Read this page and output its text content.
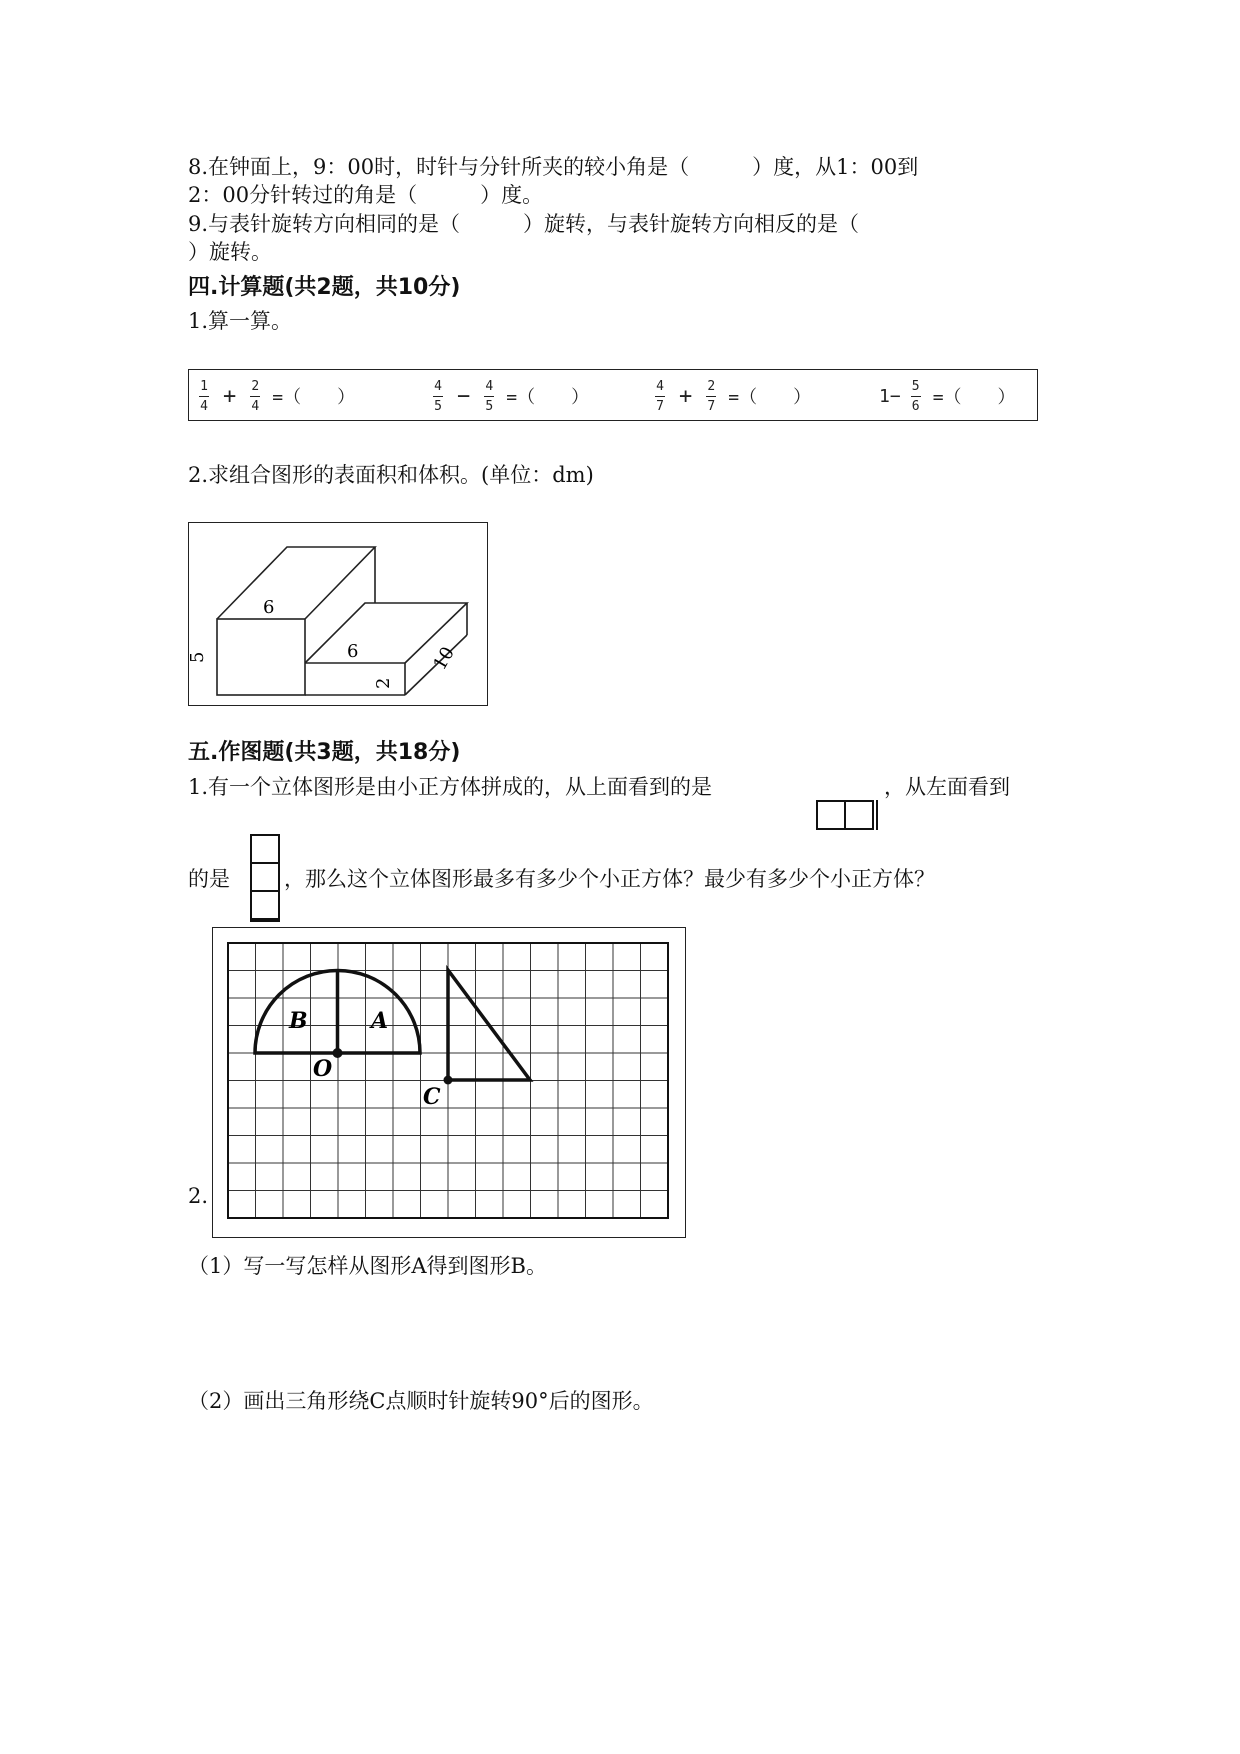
8.在钟面上，9：00时，时针与分针所夹的较小角是（　　　）度，从1：00到
2：00分针转过的角是（　　　）度。
9.与表针旋转方向相同的是（　　　）旋转，与表针旋转方向相反的是（
）旋转。
四.计算题(共2题，共10分)
1.算一算。
$\frac{1}{4} + \frac{2}{4}$ =（　　）	$\frac{4}{5} - \frac{4}{5}$ =（　　）	$\frac{4}{7} + \frac{2}{7}$ =（　　）	$1- \frac{5}{6}$ =（　　）
2.求组合图形的表面积和体积。(单位：dm)
6
5	6
2
10
五.作图题(共3题，共18分)
1.有一个立体图形是由小正方体拼成的，从上面看到的是	，从左面看到
的是	，那么这个立体图形最多有多少个小正方体？最少有多少个小正方体？
2.
B	A
O
C
（1）写一写怎样从图形A得到图形B。
（2）画出三角形绕C点顺时针旋转90°后的图形。
